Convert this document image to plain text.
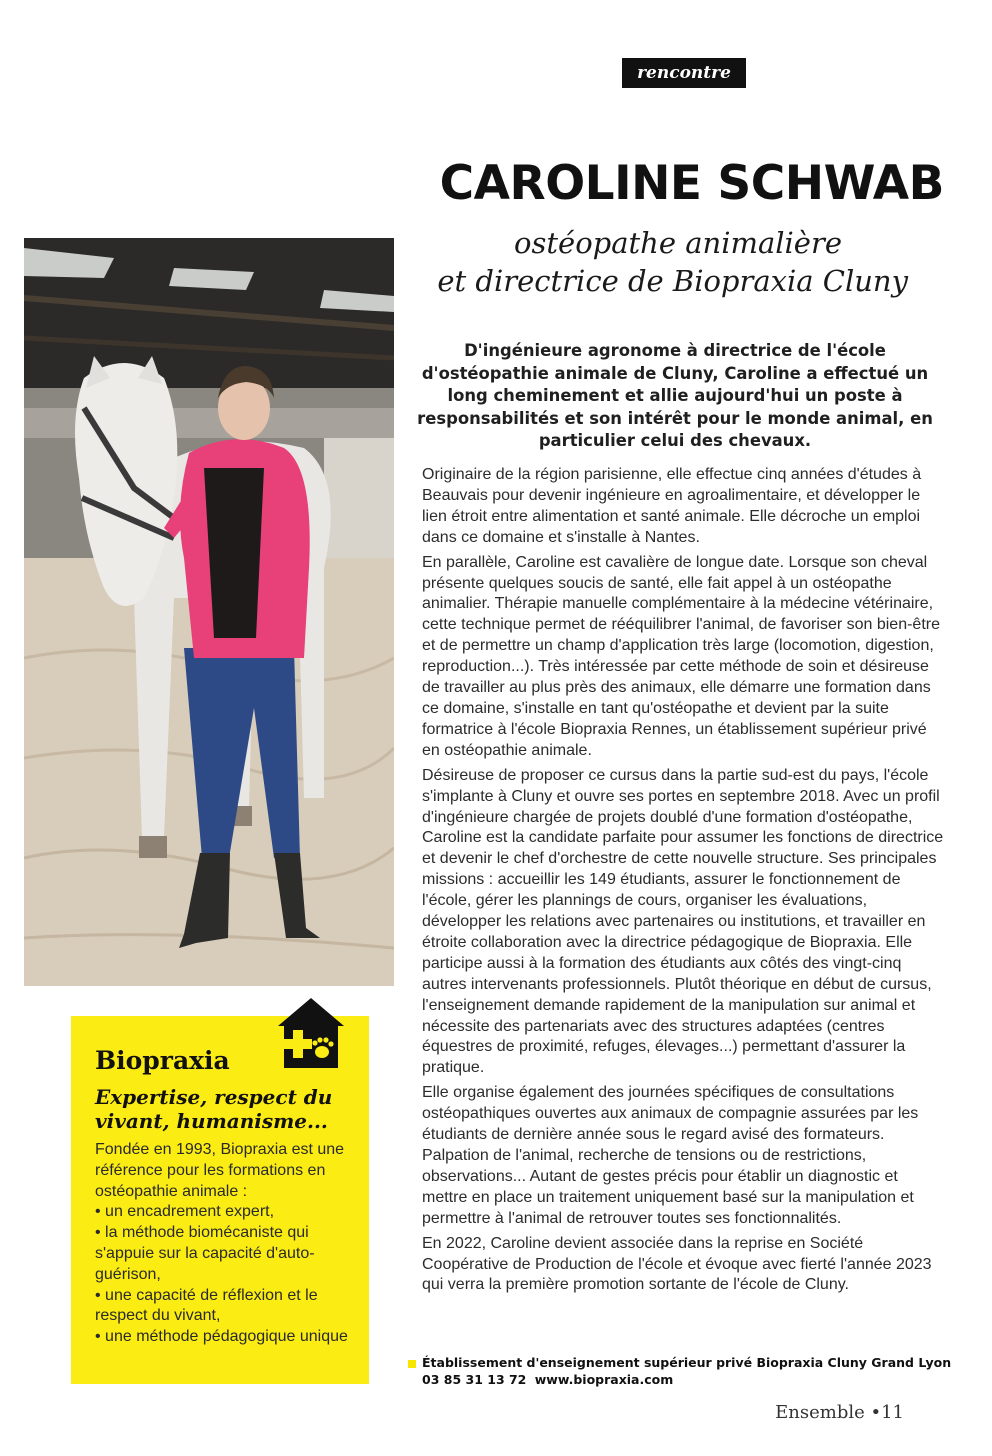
rencontre
CAROLINE SCHWAB
ostéopathe animalière
et directrice de Biopraxia Cluny

D'ingénieure agronome à directrice de l'école d'ostéopathie animale de Cluny, Caroline a effectué un long cheminement et allie aujourd'hui un poste à responsabilités et son intérêt pour le monde animal, en particulier celui des chevaux.

Originaire de la région parisienne, elle effectue cinq années d'études à Beauvais pour devenir ingénieure en agroalimentaire, et développer le lien étroit entre alimentation et santé animale. Elle décroche un emploi dans ce domaine et s'installe à Nantes.

En parallèle, Caroline est cavalière de longue date. Lorsque son cheval présente quelques soucis de santé, elle fait appel à un ostéopathe animalier. Thérapie manuelle complémentaire à la médecine vétérinaire, cette technique permet de rééquilibrer l'animal, de favoriser son bien-être et de permettre un champ d'application très large (locomotion, digestion, reproduction...). Très intéressée par cette méthode de soin et désireuse de travailler au plus près des animaux, elle démarre une formation dans ce domaine, s'installe en tant qu'ostéopathe et devient par la suite formatrice à l'école Biopraxia Rennes, un établissement supérieur privé en ostéopathie animale.

Désireuse de proposer ce cursus dans la partie sud-est du pays, l'école s'implante à Cluny et ouvre ses portes en septembre 2018. Avec un profil d'ingénieure chargée de projets doublé d'une formation d'ostéopathe, Caroline est la candidate parfaite pour assumer les fonctions de directrice et devenir le chef d'orchestre de cette nouvelle structure. Ses principales missions : accueillir les 149 étudiants, assurer le fonctionnement de l'école, gérer les plannings de cours, organiser les évaluations, développer les relations avec partenaires ou institutions, et travailler en étroite collaboration avec la directrice pédagogique de Biopraxia. Elle participe aussi à la formation des étudiants aux côtés des vingt-cinq autres intervenants professionnels. Plutôt théorique en début de cursus, l'enseignement demande rapidement de la manipulation sur animal et nécessite des partenariats avec des structures adaptées (centres équestres de proximité, refuges, élevages...) permettant d'assurer la pratique.

Elle organise également des journées spécifiques de consultations ostéopathiques ouvertes aux animaux de compagnie assurées par les étudiants de dernière année sous le regard avisé des formateurs. Palpation de l'animal, recherche de tensions ou de restrictions, observations... Autant de gestes précis pour établir un diagnostic et mettre en place un traitement uniquement basé sur la manipulation et permettre à l'animal de retrouver toutes ses fonctionnalités.

En 2022, Caroline devient associée dans la reprise en Société Coopérative de Production de l'école et évoque avec fierté l'année 2023 qui verra la première promotion sortante de l'école de Cluny.

Établissement d'enseignement supérieur privé Biopraxia Cluny Grand Lyon
03 85 31 13 72 www.biopraxia.com
Ensemble •11
Biopraxia
Expertise, respect du vivant, humanisme...
Fondée en 1993, Biopraxia est une référence pour les formations en ostéopathie animale :
• un encadrement expert,
• la méthode biomécaniste qui s'appuie sur la capacité d'auto-guérison,
• une capacité de réflexion et le respect du vivant,
• une méthode pédagogique unique
